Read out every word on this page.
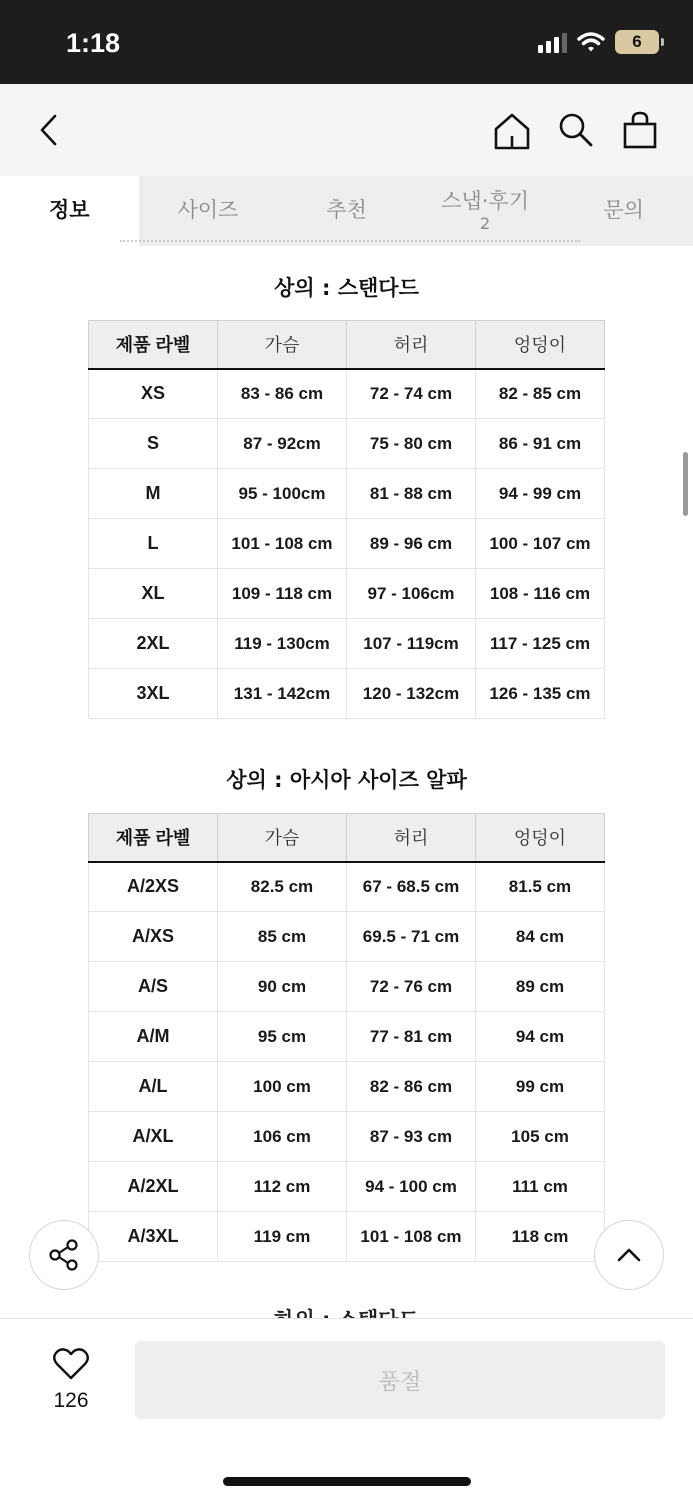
1:18	6
정보	사이즈	추천	스냅·후기
2
문의
상의 : 스탠다드
제품 라벨	가슴	허리	엉덩이
XS	83 - 86 cm	72 - 74 cm	82 - 85 cm
S	87 - 92cm	75 - 80 cm	86 - 91 cm
M	95 - 100cm	81 - 88 cm	94 - 99 cm
L	101 - 108 cm	89 - 96 cm	100 - 107 cm
XL	109 - 118 cm	97 - 106cm	108 - 116 cm
2XL	119 - 130cm	107 - 119cm	117 - 125 cm
3XL	131 - 142cm	120 - 132cm	126 - 135 cm
상의 : 아시아 사이즈 알파
제품 라벨	가슴	허리	엉덩이
A/2XS	82.5 cm	67 - 68.5 cm	81.5 cm
A/XS	85 cm	69.5 - 71 cm	84 cm
A/S	90 cm	72 - 76 cm	89 cm
A/M	95 cm	77 - 81 cm	94 cm
A/L	100 cm	82 - 86 cm	99 cm
A/XL	106 cm	87 - 93 cm	105 cm
A/2XL	112 cm	94 - 100 cm	111 cm
A/3XL	119 cm	101 - 108 cm	118 cm
126
품절
